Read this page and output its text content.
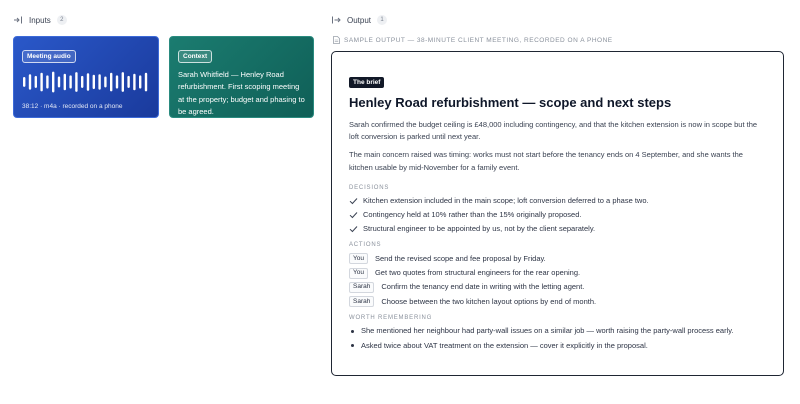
Inputs	2	Output	1
Meeting audio
38:12 · m4a · recorded on a phone
Context
Sarah Whitfield — Henley Road refurbishment. First scoping meeting at the property; budget and phasing to be agreed.
SAMPLE OUTPUT — 38-MINUTE CLIENT MEETING, RECORDED ON A PHONE
The brief
Henley Road refurbishment — scope and next steps

Sarah confirmed the budget ceiling is £48,000 including contingency, and that the kitchen extension is now in scope but the loft conversion is parked until next year.

The main concern raised was timing: works must not start before the tenancy ends on 4 September, and she wants the kitchen usable by mid-November for a family event.

DECISIONS
Kitchen extension included in the main scope; loft conversion deferred to a phase two.
Contingency held at 10% rather than the 15% originally proposed.
Structural engineer to be appointed by us, not by the client separately.
ACTIONS
You	Send the revised scope and fee proposal by Friday.
You	Get two quotes from structural engineers for the rear opening.
Sarah	Confirm the tenancy end date in writing with the letting agent.
Sarah	Choose between the two kitchen layout options by end of month.
WORTH REMEMBERING
She mentioned her neighbour had party-wall issues on a similar job — worth raising the party-wall process early.
Asked twice about VAT treatment on the extension — cover it explicitly in the proposal.
